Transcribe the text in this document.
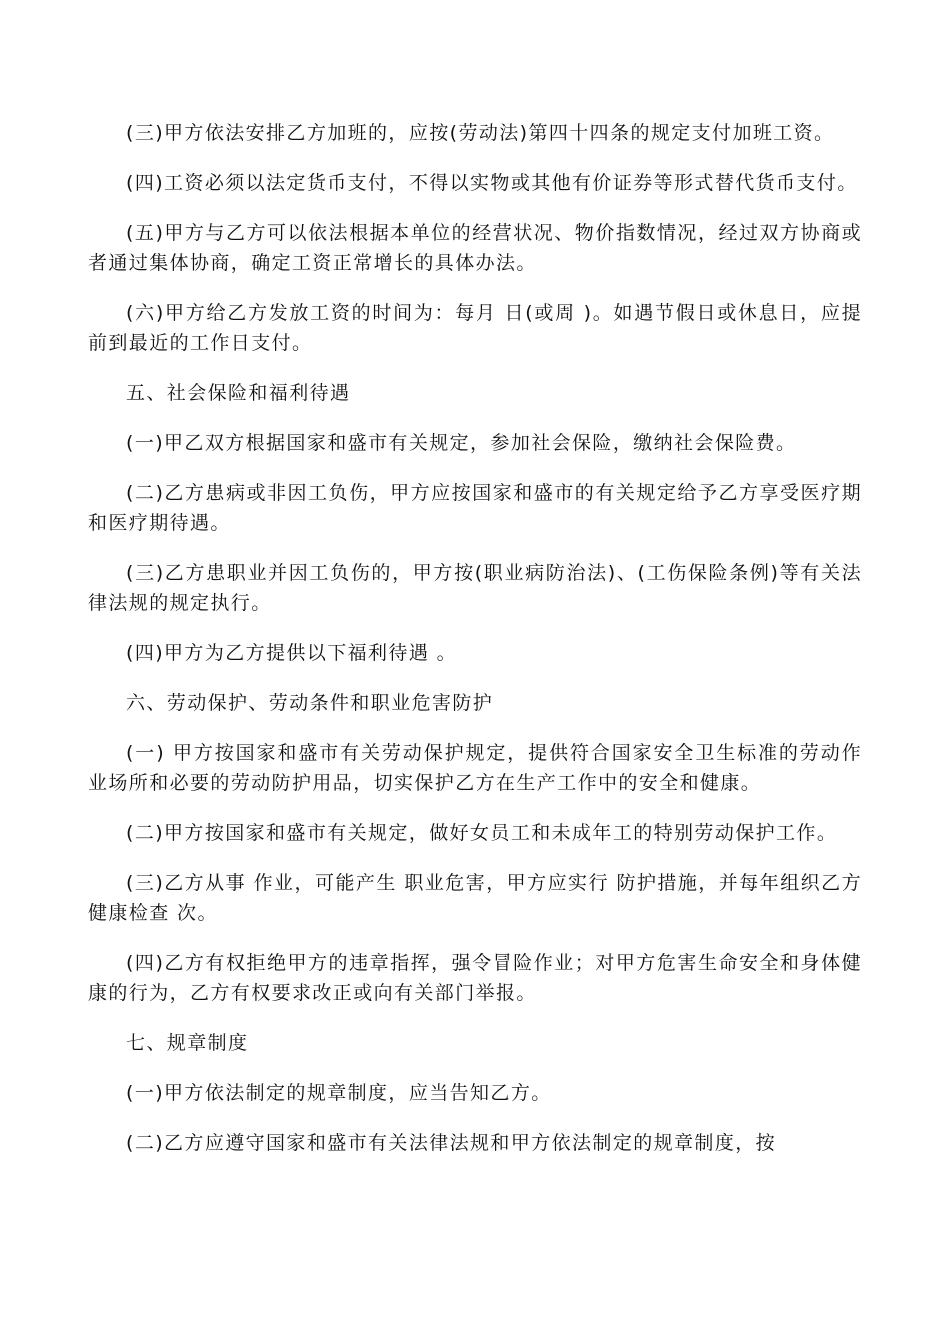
(三)甲方依法安排乙方加班的，应按(劳动法)第四十四条的规定支付加班工资。

(四)工资必须以法定货币支付，不得以实物或其他有价证券等形式替代货币支付。

(五)甲方与乙方可以依法根据本单位的经营状况、物价指数情况，经过双方协商或者通过集体协商，确定工资正常增长的具体办法。

(六)甲方给乙方发放工资的时间为：每月 日(或周 )。如遇节假日或休息日，应提前到最近的工作日支付。

五、社会保险和福利待遇

(一)甲乙双方根据国家和盛市有关规定，参加社会保险，缴纳社会保险费。

(二)乙方患病或非因工负伤，甲方应按国家和盛市的有关规定给予乙方享受医疗期和医疗期待遇。

(三)乙方患职业并因工负伤的，甲方按(职业病防治法)、(工伤保险条例)等有关法律法规的规定执行。

(四)甲方为乙方提供以下福利待遇 。

六、劳动保护、劳动条件和职业危害防护

(一) 甲方按国家和盛市有关劳动保护规定，提供符合国家安全卫生标准的劳动作业场所和必要的劳动防护用品，切实保护乙方在生产工作中的安全和健康。

(二)甲方按国家和盛市有关规定，做好女员工和未成年工的特别劳动保护工作。

(三)乙方从事 作业，可能产生 职业危害，甲方应实行 防护措施，并每年组织乙方健康检查 次。

(四)乙方有权拒绝甲方的违章指挥，强令冒险作业；对甲方危害生命安全和身体健康的行为，乙方有权要求改正或向有关部门举报。

七、规章制度

(一)甲方依法制定的规章制度，应当告知乙方。

(二)乙方应遵守国家和盛市有关法律法规和甲方依法制定的规章制度，按
